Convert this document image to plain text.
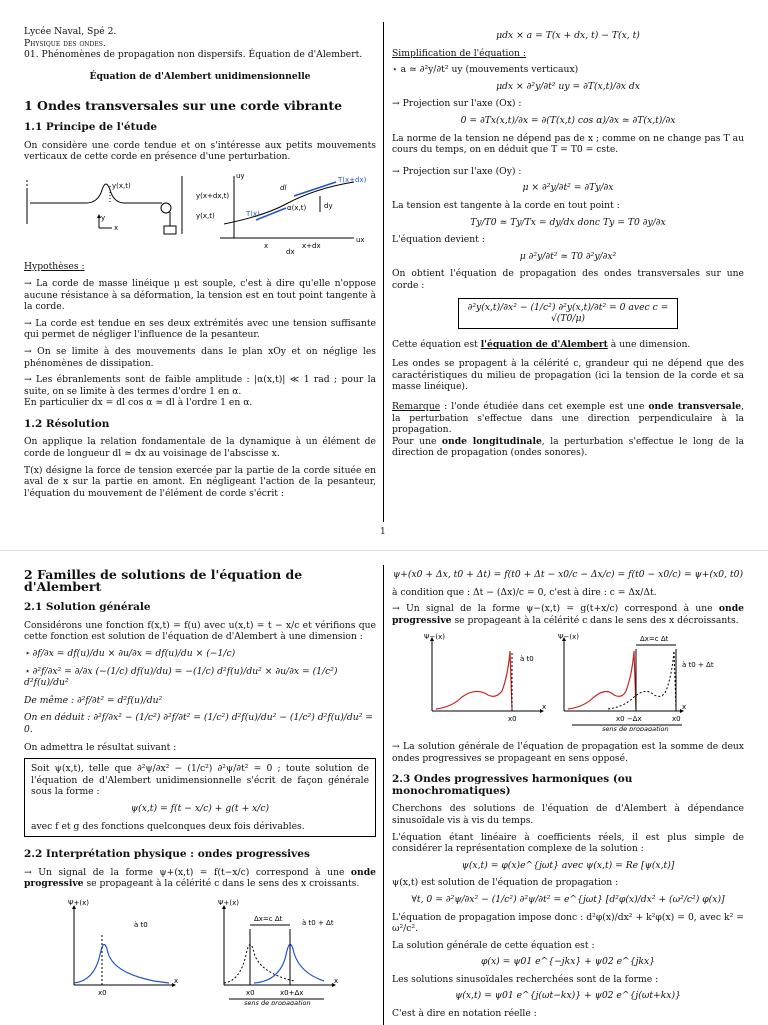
Lycée Naval, Spé 2.
Physique des ondes.
01. Phénomènes de propagation non dispersifs. Équation de d'Alembert.
Équation de d'Alembert unidimensionnelle
1 Ondes transversales sur une corde vibrante
1.1 Principe de l'étude

On considère une corde tendue et on s'intéresse aux petits mouvements verticaux de cette corde en présence d'une perturbation.

y(x,t)
y
x
uy
dl
T(x+dx)
y(x+dx,t)
T(x)
α(x,t)	dy
y(x,t)
x	x+dx
dx
ux

Hypothèses :

→ La corde de masse linéique μ est souple, c'est à dire qu'elle n'oppose aucune résistance à sa déformation, la tension est en tout point tangente à la corde.

→ La corde est tendue en ses deux extrémités avec une tension suffisante qui permet de négliger l'influence de la pesanteur.

→ On se limite à des mouvements dans le plan xOy et on néglige les phénomènes de dissipation.

→ Les ébranlements sont de faible amplitude : |α(x,t)| ≪ 1 rad ; pour la suite, on se limite à des termes d'ordre 1 en α.

En particulier dx = dl cos α ≃ dl à l'ordre 1 en α.

1.2 Résolution

On applique la relation fondamentale de la dynamique à un élément de corde de longueur dl ≃ dx au voisinage de l'abscisse x.

T(x) désigne la force de tension exercée par la partie de la corde située en aval de x sur la partie en amont. En négligeant l'action de la pesanteur, l'équation du mouvement de l'élément de corde s'écrit :

μdx × a = T(x + dx, t) − T(x, t)

Simplification de l'équation :

⋆ a ≃ ∂²y/∂t² uy (mouvements verticaux)

μdx × ∂²y/∂t² uy = ∂T(x,t)/∂x dx

→ Projection sur l'axe (Ox) :

0 = ∂Tx(x,t)/∂x = ∂(T(x,t) cos α)/∂x ≃ ∂T(x,t)/∂x

La norme de la tension ne dépend pas de x ; comme on ne change pas T au cours du temps, on en déduit que T = T0 = cste.

→ Projection sur l'axe (Oy) :

μ × ∂²y/∂t² = ∂Ty/∂x

La tension est tangente à la corde en tout point :

Ty/T0 ≃ Ty/Tx = dy/dx donc Ty = T0 ∂y/∂x

L'équation devient :

μ ∂²y/∂t² ≃ T0 ∂²y/∂x²

On obtient l'équation de propagation des ondes transversales sur une corde :

∂²y(x,t)/∂x² − (1/c²) ∂²y(x,t)/∂t² = 0 avec c = √(T0/μ)

Cette équation est l'équation de d'Alembert à une dimension.

Les ondes se propagent à la célérité c, grandeur qui ne dépend que des caractéristiques du milieu de propagation (ici la tension de la corde et sa masse linéique).

Remarque : l'onde étudiée dans cet exemple est une onde transversale, la perturbation s'effectue dans une direction perpendiculaire à la propagation.

Pour une onde longitudinale, la perturbation s'effectue le long de la direction de propagation (ondes sonores).

1
2 Familles de solutions de l'équation de d'Alembert
2.1 Solution générale

Considérons une fonction f(x,t) = f(u) avec u(x,t) = t − x/c et vérifions que cette fonction est solution de l'équation de d'Alembert à une dimension :

⋆ ∂f/∂x = df(u)/du × ∂u/∂x = df(u)/du × (−1/c)
⋆ ∂²f/∂x² = ∂/∂x (−(1/c) df(u)/du) = −(1/c) d²f(u)/du² × ∂u/∂x = (1/c²) d²f(u)/du²
De même : ∂²f/∂t² = d²f(u)/du²
On en déduit : ∂²f/∂x² − (1/c²) ∂²f/∂t² = (1/c²) d²f(u)/du² − (1/c²) d²f(u)/du² = 0.

On admettra le résultat suivant :

Soit ψ(x,t), telle que ∂²ψ/∂x² − (1/c²) ∂²ψ/∂t² = 0 ; toute solution de l'équation de d'Alembert unidimensionnelle s'écrit de façon générale sous la forme :

ψ(x,t) = f(t − x/c) + g(t + x/c)

avec f et g des fonctions quelconques deux fois dérivables.

2.2 Interprétation physique : ondes progressives

→ Un signal de la forme ψ+(x,t) = f(t−x/c) correspond à une onde progressive se propageant à la célérité c dans le sens des x croissants.

Ψ+(x)
à t0
x
x0
Ψ+(x)
Δx=c Δt	à t0 + Δt
x
x0	x0+Δx
sens de propagation
ψ+(x0 + Δx, t0 + Δt) = f(t0 + Δt − x0/c − Δx/c) = f(t0 − x0/c) = ψ+(x0, t0)

à condition que : Δt − (Δx)/c = 0, c'est à dire : c = Δx/Δt.

→ Un signal de la forme ψ−(x,t) = g(t+x/c) correspond à une onde progressive se propageant à la célérité c dans le sens des x décroissants.

Ψ−(x)
à t0
x
x0
Ψ−(x)	Δx=c Δt
à t0 + Δt
x
x0 −Δx	x0
sens de propagation

→ La solution générale de l'équation de propagation est la somme de deux ondes progressives se propageant en sens opposé.

2.3 Ondes progressives harmoniques (ou monochromatiques)

Cherchons des solutions de l'équation de d'Alembert à dépendance sinusoïdale vis à vis du temps.

L'équation étant linéaire à coefficients réels, il est plus simple de considérer la représentation complexe de la solution :

ψ(x,t) = φ(x)e^{jωt} avec ψ(x,t) = Re [ψ(x,t)]

ψ(x,t) est solution de l'équation de propagation :

∀t, 0 = ∂²ψ/∂x² − (1/c²) ∂²ψ/∂t² = e^{jωt} [d²φ(x)/dx² + (ω²/c²) φ(x)]

L'équation de propagation impose donc : d²φ(x)/dx² + k²φ(x) = 0, avec k² = ω²/c².

La solution générale de cette équation est :

φ(x) = ψ01 e^{−jkx} + ψ02 e^{jkx}

Les solutions sinusoïdales recherchées sont de la forme :

ψ(x,t) = ψ01 e^{j(ωt−kx)} + ψ02 e^{j(ωt+kx)}

C'est à dire en notation réelle :
